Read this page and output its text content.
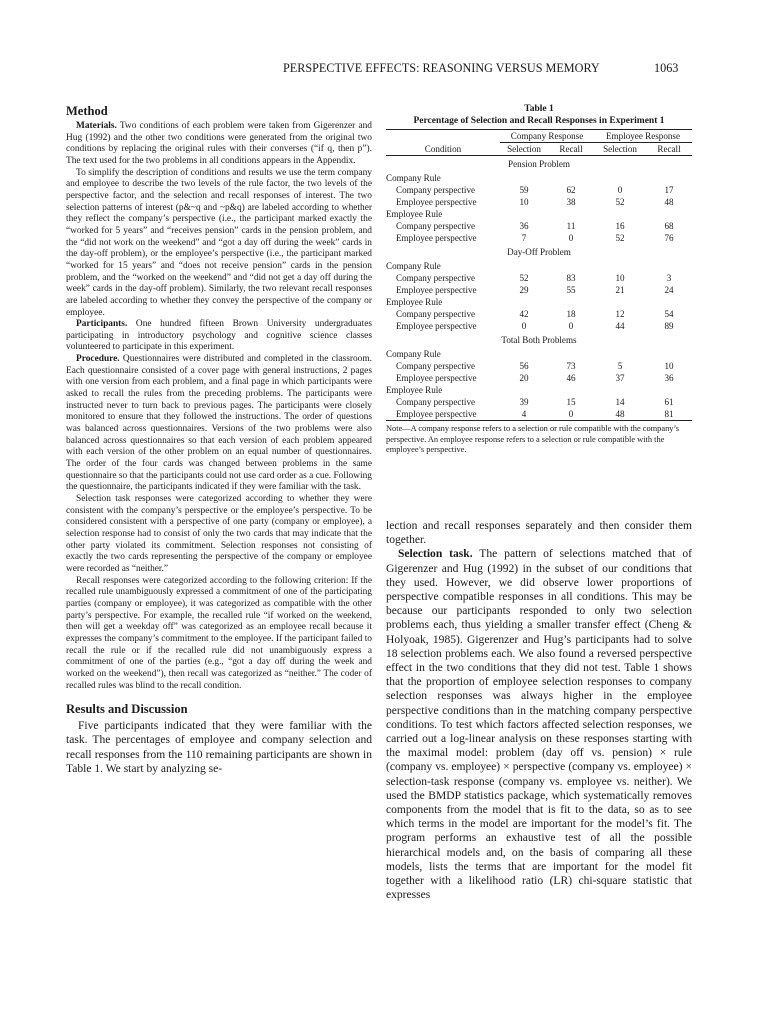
PERSPECTIVE EFFECTS: REASONING VERSUS MEMORY	1063
Method

Materials. Two conditions of each problem were taken from Gigerenzer and Hug (1992) and the other two conditions were generated from the original two conditions by replacing the original rules with their converses (“if q, then p”). The text used for the two problems in all conditions appears in the Appendix.

To simplify the description of conditions and results we use the term company and employee to describe the two levels of the rule factor, the two levels of the perspective factor, and the selection and recall responses of interest. The two selection patterns of interest (p&~q and ~p&q) are labeled according to whether they reflect the company’s perspective (i.e., the participant marked exactly the “worked for 5 years” and “receives pension” cards in the pension problem, and the “did not work on the weekend” and “got a day off during the week” cards in the day-off problem), or the employee’s perspective (i.e., the participant marked “worked for 15 years” and “does not receive pension” cards in the pension problem, and the “worked on the weekend” and “did not get a day off during the week” cards in the day-off problem). Similarly, the two relevant recall responses are labeled according to whether they convey the perspective of the company or employee.

Participants. One hundred fifteen Brown University undergraduates participating in introductory psychology and cognitive science classes volunteered to participate in this experiment.

Procedure. Questionnaires were distributed and completed in the classroom. Each questionnaire consisted of a cover page with general instructions, 2 pages with one version from each problem, and a final page in which participants were asked to recall the rules from the preceding problems. The participants were instructed never to turn back to previous pages. The participants were closely monitored to ensure that they followed the instructions. The order of questions was balanced across questionnaires. Versions of the two problems were also balanced across questionnaires so that each version of each problem appeared with each version of the other problem on an equal number of questionnaires. The order of the four cards was changed between problems in the same questionnaire so that the participants could not use card order as a cue. Following the questionnaire, the participants indicated if they were familiar with the task.

Selection task responses were categorized according to whether they were consistent with the company’s perspective or the employee’s perspective. To be considered consistent with a perspective of one party (company or employee), a selection response had to consist of only the two cards that may indicate that the other party violated its commitment. Selection responses not consisting of exactly the two cards representing the perspective of the company or employee were recorded as “neither.”

Recall responses were categorized according to the following criterion: If the recalled rule unambiguously expressed a commitment of one of the participating parties (company or employee), it was categorized as compatible with the other party’s perspective. For example, the recalled rule “if worked on the weekend, then will get a weekday off” was categorized as an employee recall because it expresses the company’s commitment to the employee. If the participant failed to recall the rule or if the recalled rule did not unambiguously express a commitment of one of the parties (e.g., “got a day off during the week and worked on the weekend”), then recall was categorized as “neither.” The coder of recalled rules was blind to the recall condition.

Results and Discussion

Five participants indicated that they were familiar with the task. The percentages of employee and company selection and recall responses from the 110 remaining participants are shown in Table 1. We start by analyzing se-

Table 1
Percentage of Selection and Recall Responses in Experiment 1
	Company Response		Employee Response	
Condition	Selection	Recall	Selection	Recall
Pension Problem				
Company Rule				
Company perspective	59	62	0	17
Employee perspective	10	38	52	48
Employee Rule				
Company perspective	36	11	16	68
Employee perspective	7	0	52	76
Day-Off Problem				
Company Rule				
Company perspective	52	83	10	3
Employee perspective	29	55	21	24
Employee Rule				
Company perspective	42	18	12	54
Employee perspective	0	0	44	89
Total Both Problems				
Company Rule				
Company perspective	56	73	5	10
Employee perspective	20	46	37	36
Employee Rule				
Company perspective	39	15	14	61
Employee perspective	4	0	48	81
Note—A company response refers to a selection or rule compatible with the company’s perspective. An employee response refers to a selection or rule compatible with the employee’s perspective.

lection and recall responses separately and then consider them together.

Selection task. The pattern of selections matched that of Gigerenzer and Hug (1992) in the subset of our conditions that they used. However, we did observe lower proportions of perspective compatible responses in all conditions. This may be because our participants responded to only two selection problems each, thus yielding a smaller transfer effect (Cheng & Holyoak, 1985). Gigerenzer and Hug’s participants had to solve 18 selection problems each. We also found a reversed perspective effect in the two conditions that they did not test. Table 1 shows that the proportion of employee selection responses to company selection responses was always higher in the employee perspective conditions than in the matching company perspective conditions. To test which factors affected selection responses, we carried out a log-linear analysis on these responses starting with the maximal model: problem (day off vs. pension) × rule (company vs. employee) × perspective (company vs. employee) × selection-task response (company vs. employee vs. neither). We used the BMDP statistics package, which systematically removes components from the model that is fit to the data, so as to see which terms in the model are important for the model’s fit. The program performs an exhaustive test of all the possible hierarchical models and, on the basis of comparing all these models, lists the terms that are important for the model fit together with a likelihood ratio (LR) chi-square statistic that expresses
